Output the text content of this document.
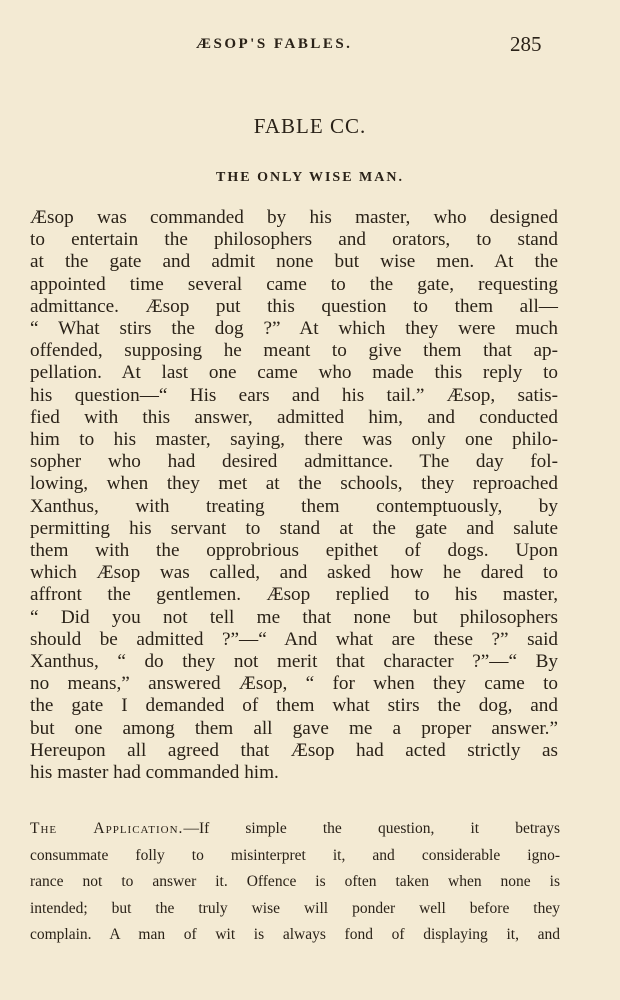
ÆSOP'S FABLES.	285
FABLE CC.
THE ONLY WISE MAN.
Æsop was commanded by his master, who designed
to entertain the philosophers and orators, to stand
at the gate and admit none but wise men. At the
appointed time several came to the gate, requesting
admittance. Æsop put this question to them all—
“ What stirs the dog ?” At which they were much
offended, supposing he meant to give them that ap-
pellation. At last one came who made this reply to
his question—“ His ears and his tail.” Æsop, satis-
fied with this answer, admitted him, and conducted
him to his master, saying, there was only one philo-
sopher who had desired admittance. The day fol-
lowing, when they met at the schools, they reproached
Xanthus, with treating them contemptuously, by
permitting his servant to stand at the gate and salute
them with the opprobrious epithet of dogs. Upon
which Æsop was called, and asked how he dared to
affront the gentlemen. Æsop replied to his master,
“ Did you not tell me that none but philosophers
should be admitted ?”—“ And what are these ?” said
Xanthus, “ do they not merit that character ?”—“ By
no means,” answered Æsop, “ for when they came to
the gate I demanded of them what stirs the dog, and
but one among them all gave me a proper answer.”
Hereupon all agreed that Æsop had acted strictly as
his master had commanded him.
The Application.—If simple the question, it betrays
consummate folly to misinterpret it, and considerable igno-
rance not to answer it. Offence is often taken when none is
intended; but the truly wise will ponder well before they
complain. A man of wit is always fond of displaying it, and
